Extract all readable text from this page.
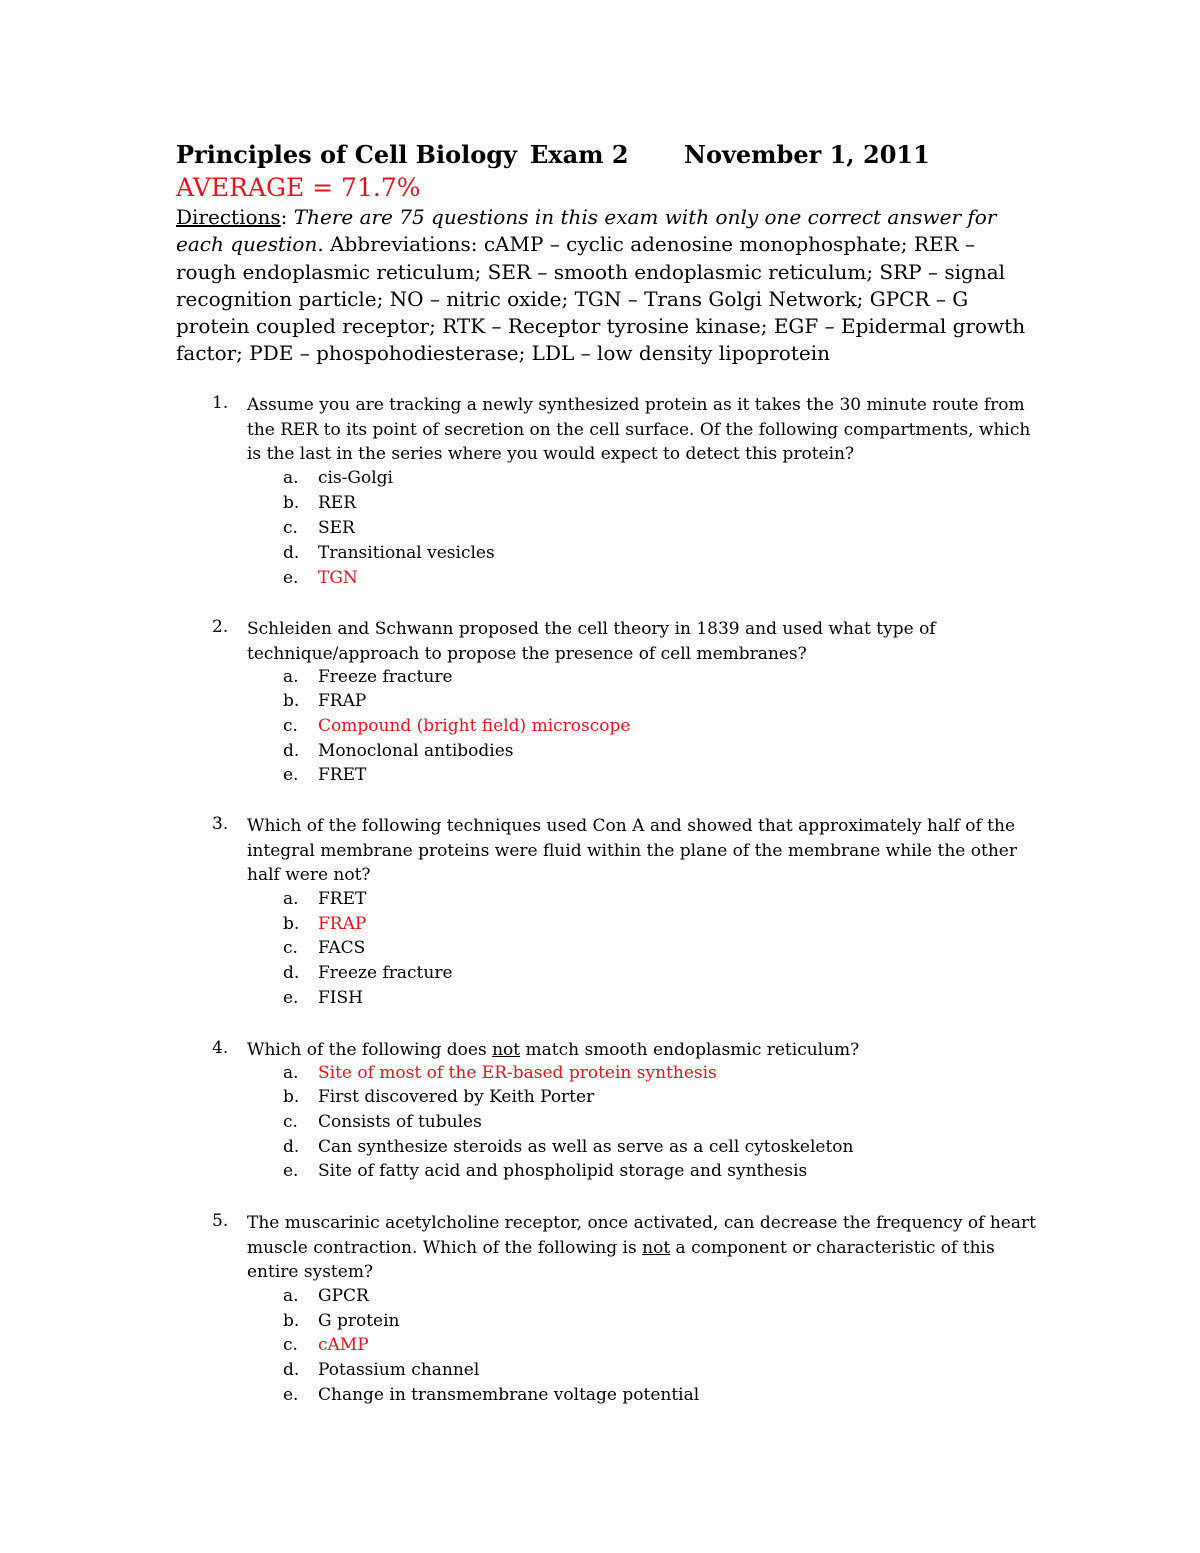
Principles of Cell Biology Exam 2 November 1, 2011
AVERAGE = 71.7%
Directions: There are 75 questions in this exam with only one correct answer for each question. Abbreviations: cAMP – cyclic adenosine monophosphate; RER – rough endoplasmic reticulum; SER – smooth endoplasmic reticulum; SRP – signal recognition particle; NO – nitric oxide; TGN – Trans Golgi Network; GPCR – G protein coupled receptor; RTK – Receptor tyrosine kinase; EGF – Epidermal growth factor; PDE – phospohodiesterase; LDL – low density lipoprotein
1.	Assume you are tracking a newly synthesized protein as it takes the 30 minute route from the RER to its point of secretion on the cell surface. Of the following compartments, which is the last in the series where you would expect to detect this protein?
a. cis-Golgi
b. RER
c. SER
d. Transitional vesicles
e. TGN
2.	Schleiden and Schwann proposed the cell theory in 1839 and used what type of technique/approach to propose the presence of cell membranes?
a. Freeze fracture
b. FRAP
c. Compound (bright field) microscope
d. Monoclonal antibodies
e. FRET
3.	Which of the following techniques used Con A and showed that approximately half of the integral membrane proteins were fluid within the plane of the membrane while the other half were not?
a. FRET
b. FRAP
c. FACS
d. Freeze fracture
e. FISH
4.	Which of the following does not match smooth endoplasmic reticulum?
a. Site of most of the ER-based protein synthesis
b. First discovered by Keith Porter
c. Consists of tubules
d. Can synthesize steroids as well as serve as a cell cytoskeleton
e. Site of fatty acid and phospholipid storage and synthesis
5.	The muscarinic acetylcholine receptor, once activated, can decrease the frequency of heart muscle contraction. Which of the following is not a component or characteristic of this entire system?
a. GPCR
b. G protein
c. cAMP
d. Potassium channel
e. Change in transmembrane voltage potential
